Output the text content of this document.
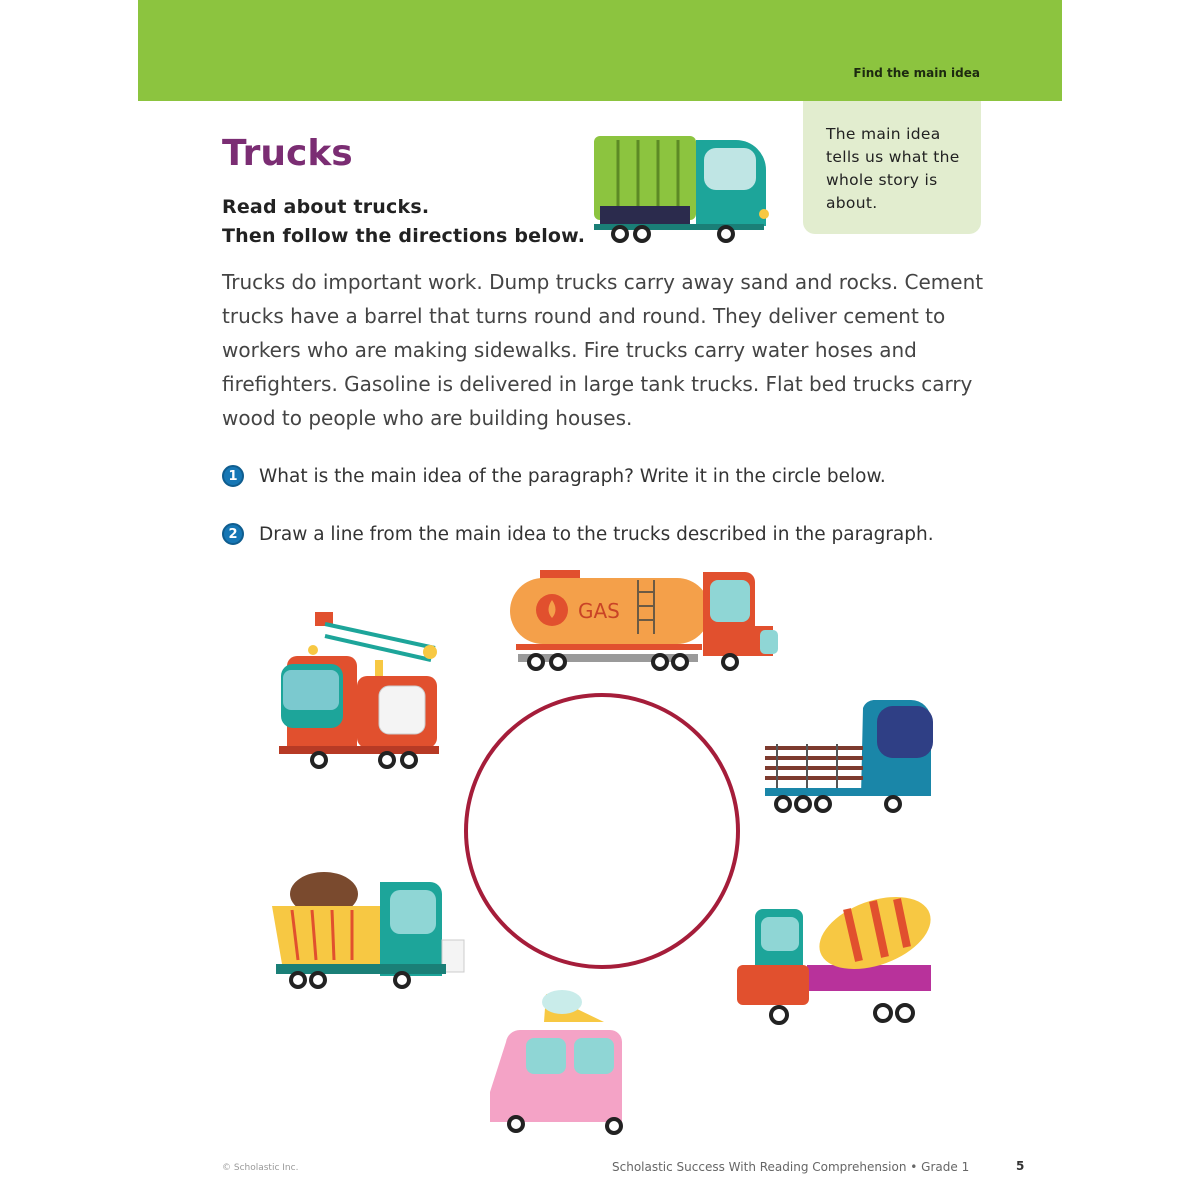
Find the main idea
The main idea tells us what the whole story is about.
Trucks
Read about trucks.
Then follow the directions below.
Trucks do important work. Dump trucks carry away sand and rocks. Cement trucks have a barrel that turns round and round. They deliver cement to workers who are making sidewalks. Fire trucks carry water hoses and firefighters. Gasoline is delivered in large tank trucks. Flat bed trucks carry wood to people who are building houses.
1	What is the main idea of the paragraph? Write it in the circle below.
2	Draw a line from the main idea to the trucks described in the paragraph.
GAS
© Scholastic Inc.	Scholastic Success With Reading Comprehension • Grade 1	5
